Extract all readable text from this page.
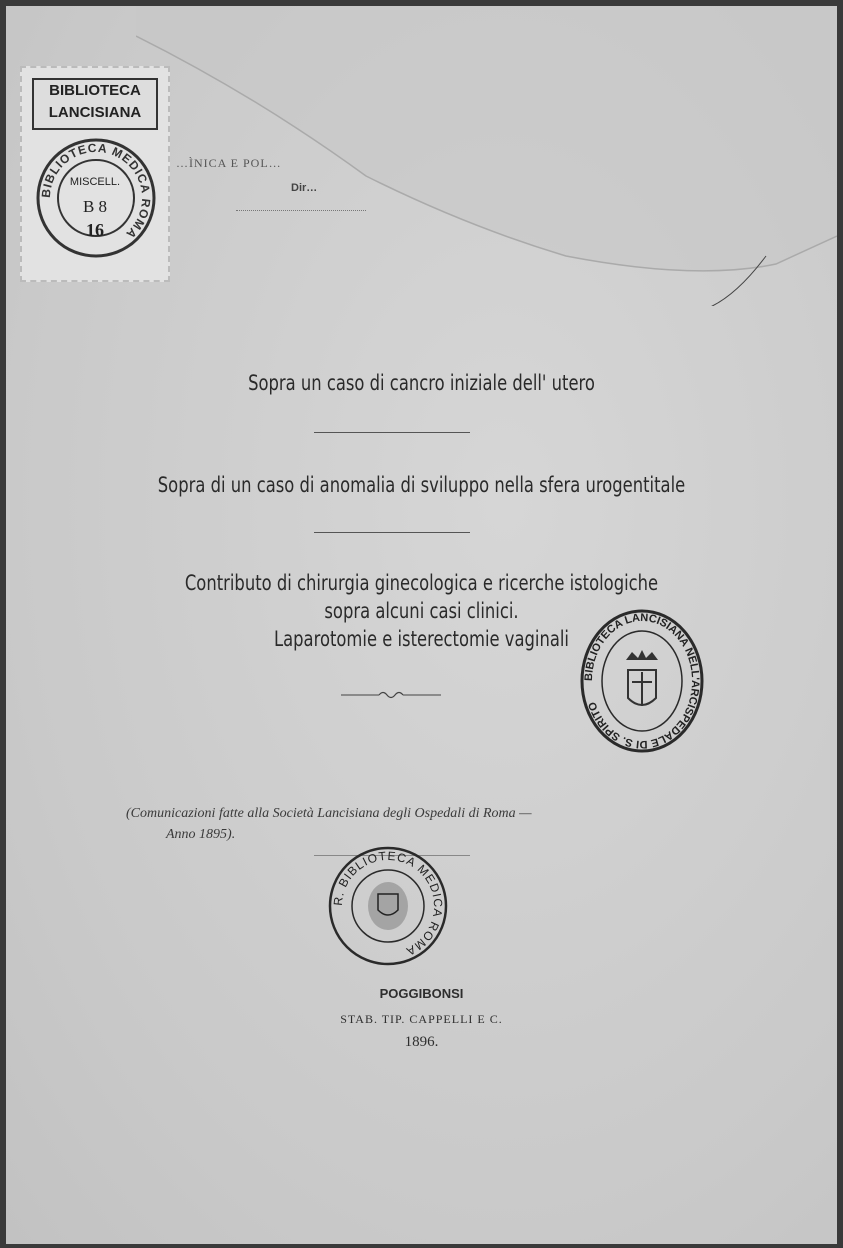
…ÌNICA E POL…
Dir…
Sopra un caso di cancro iniziale dell' utero
Sopra di un caso di anomalia di sviluppo nella sfera urogentitale
Contributo di chirurgia ginecologica e ricerche istologiche
sopra alcuni casi clinici.
Laparotomie e isterectomie vaginali
(Comunicazioni fatte alla Società Lancisiana degli Ospedali di Roma —
Anno 1895).
POGGIBONSI
STAB. TIP. CAPPELLI E C.
1896.
BIBLIOTECA
LANCISIANA
BIBLIOTECA MEDICA ROMA
MISCELL.
B 8
16
BIBLIOTECA LANCISIANA NELL'ARCISPEDALE DI S. SPIRITO
R. BIBLIOTECA MEDICA ROMA
